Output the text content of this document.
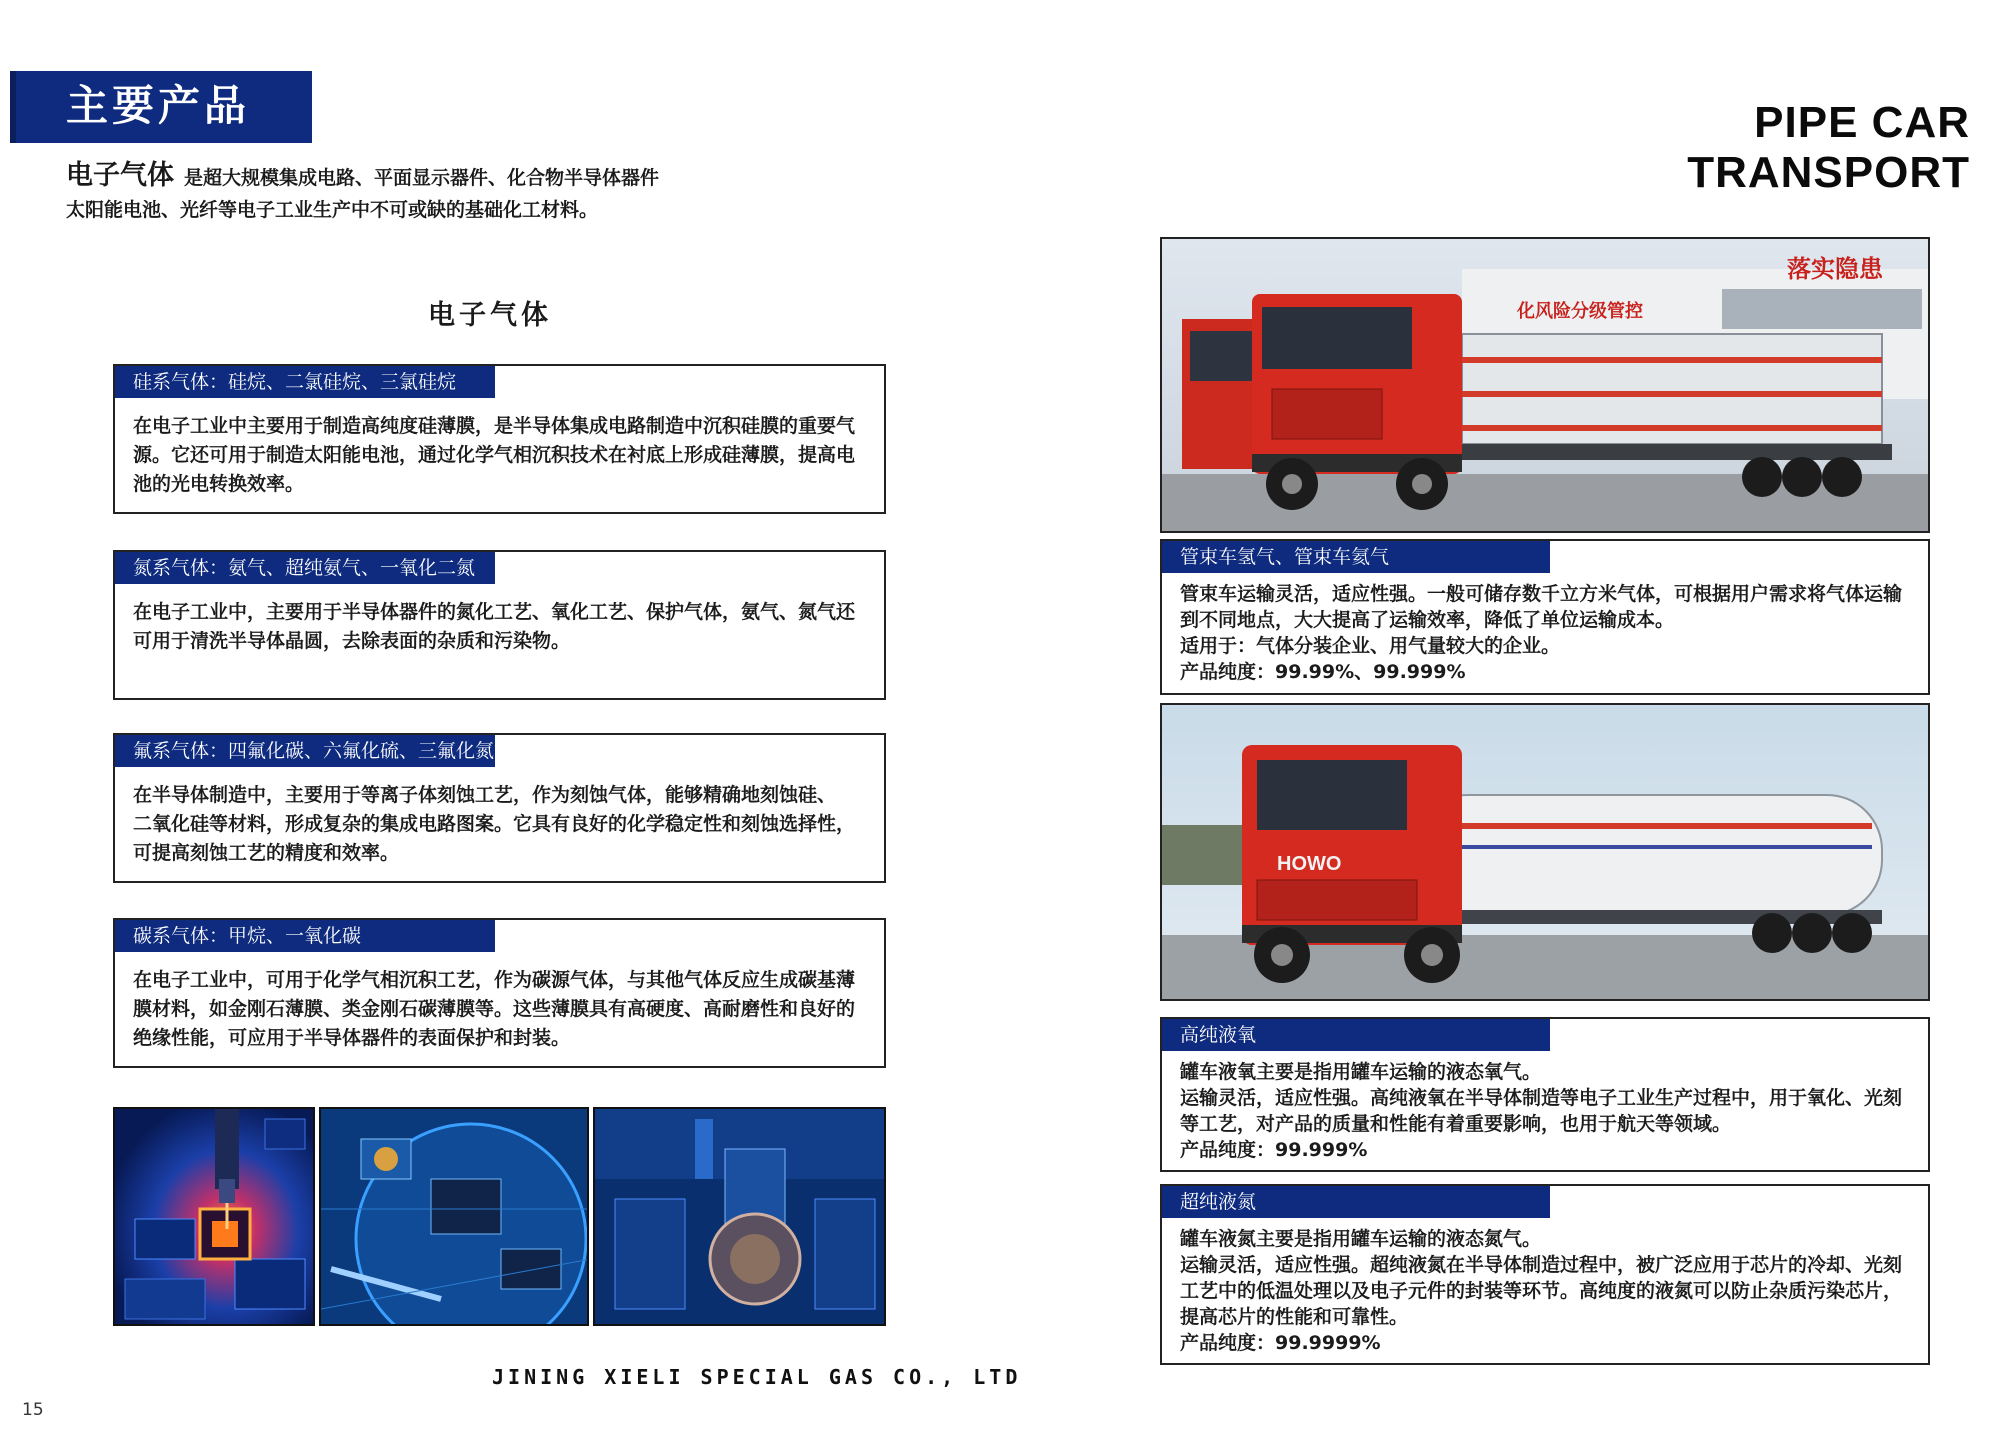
主要产品
电子气体 是超大规模集成电路、平面显示器件、化合物半导体器件
太阳能电池、光纤等电子工业生产中不可或缺的基础化工材料。
电子气体
硅系气体：硅烷、二氯硅烷、三氯硅烷
在电子工业中主要用于制造高纯度硅薄膜，是半导体集成电路制造中沉积硅膜的重要气
源。它还可用于制造太阳能电池，通过化学气相沉积技术在衬底上形成硅薄膜，提高电
池的光电转换效率。
氮系气体：氨气、超纯氨气、一氧化二氮
在电子工业中，主要用于半导体器件的氮化工艺、氧化工艺、保护气体，氨气、氮气还
可用于清洗半导体晶圆，去除表面的杂质和污染物。
氟系气体：四氟化碳、六氟化硫、三氟化氮
在半导体制造中，主要用于等离子体刻蚀工艺，作为刻蚀气体，能够精确地刻蚀硅、
二氧化硅等材料，形成复杂的集成电路图案。它具有良好的化学稳定性和刻蚀选择性，
可提高刻蚀工艺的精度和效率。
碳系气体：甲烷、一氧化碳
在电子工业中，可用于化学气相沉积工艺，作为碳源气体，与其他气体反应生成碳基薄
膜材料，如金刚石薄膜、类金刚石碳薄膜等。这些薄膜具有高硬度、高耐磨性和良好的
绝缘性能，可应用于半导体器件的表面保护和封装。
JINING XIELI SPECIAL GAS CO., LTD
15
PIPE CAR TRANSPORT
落实隐患
化风险分级管控
管束车氢气、管束车氦气
管束车运输灵活，适应性强。一般可储存数千立方米气体，可根据用户需求将气体运输
到不同地点，大大提高了运输效率，降低了单位运输成本。
适用于：气体分装企业、用气量较大的企业。
产品纯度：99.99%、99.999%
HOWO
高纯液氧
罐车液氧主要是指用罐车运输的液态氧气。
运输灵活，适应性强。高纯液氧在半导体制造等电子工业生产过程中，用于氧化、光刻
等工艺，对产品的质量和性能有着重要影响，也用于航天等领域。
产品纯度：99.999%
超纯液氮
罐车液氮主要是指用罐车运输的液态氮气。
运输灵活，适应性强。超纯液氮在半导体制造过程中，被广泛应用于芯片的冷却、光刻
工艺中的低温处理以及电子元件的封装等环节。高纯度的液氮可以防止杂质污染芯片，
提高芯片的性能和可靠性。
产品纯度：99.9999%
